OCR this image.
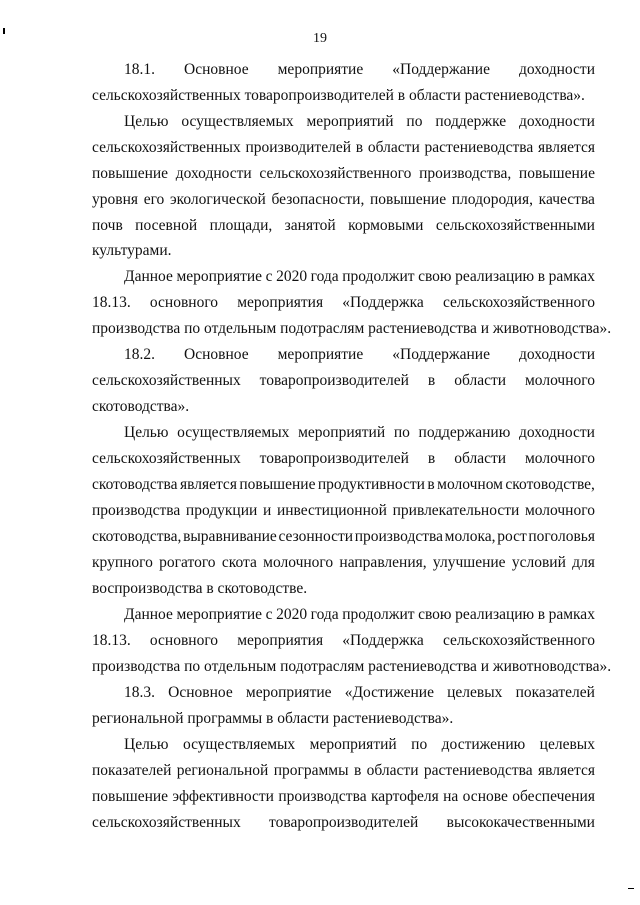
19
18.1. Основное мероприятие «Поддержание доходности
сельскохозяйственных товаропроизводителей в области растениеводства».
Целью осуществляемых мероприятий по поддержке доходности
сельскохозяйственных производителей в области растениеводства является
повышение доходности сельскохозяйственного производства, повышение
уровня его экологической безопасности, повышение плодородия, качества
почв посевной площади, занятой кормовыми сельскохозяйственными
культурами.
Данное мероприятие с 2020 года продолжит свою реализацию в рамках
18.13. основного мероприятия «Поддержка сельскохозяйственного
производства по отдельным подотраслям растениеводства и животноводства».
18.2. Основное мероприятие «Поддержание доходности
сельскохозяйственных товаропроизводителей в области молочного
скотоводства».
Целью осуществляемых мероприятий по поддержанию доходности
сельскохозяйственных товаропроизводителей в области молочного
скотоводства является повышение продуктивности в молочном скотоводстве,
производства продукции и инвестиционной привлекательности молочного
скотоводства, выравнивание сезонности производства молока, рост поголовья
крупного рогатого скота молочного направления, улучшение условий для
воспроизводства в скотоводстве.
Данное мероприятие с 2020 года продолжит свою реализацию в рамках
18.13. основного мероприятия «Поддержка сельскохозяйственного
производства по отдельным подотраслям растениеводства и животноводства».
18.3. Основное мероприятие «Достижение целевых показателей
региональной программы в области растениеводства».
Целью осуществляемых мероприятий по достижению целевых
показателей региональной программы в области растениеводства является
повышение эффективности производства картофеля на основе обеспечения
сельскохозяйственных товаропроизводителей высококачественными
